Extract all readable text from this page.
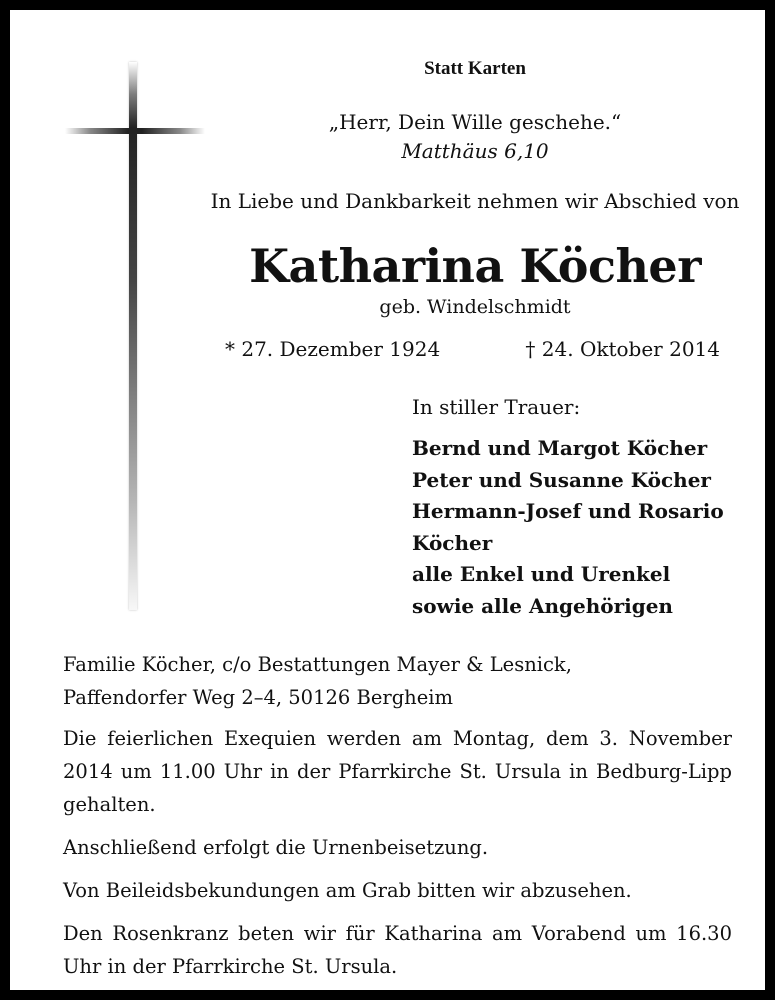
Statt Karten
„Herr, Dein Wille geschehe.“
Matthäus 6,10
In Liebe und Dankbarkeit nehmen wir Abschied von
Katharina Köcher
geb. Windelschmidt
* 27. Dezember 1924	† 24. Oktober 2014
In stiller Trauer:
Bernd und Margot Köcher
Peter und Susanne Köcher
Hermann-Josef und Rosario
Köcher
alle Enkel und Urenkel
sowie alle Angehörigen
Familie Köcher, c/o Bestattungen Mayer & Lesnick,
Paffendorfer Weg 2–4, 50126 Bergheim

Die feierlichen Exequien werden am Montag, dem 3. November 2014 um 11.00 Uhr in der Pfarrkirche St. Ursula in Bedburg-Lipp gehalten.

Anschließend erfolgt die Urnenbeisetzung.

Von Beileidsbekundungen am Grab bitten wir abzusehen.

Den Rosenkranz beten wir für Katharina am Vorabend um 16.30 Uhr in der Pfarrkirche St. Ursula.
